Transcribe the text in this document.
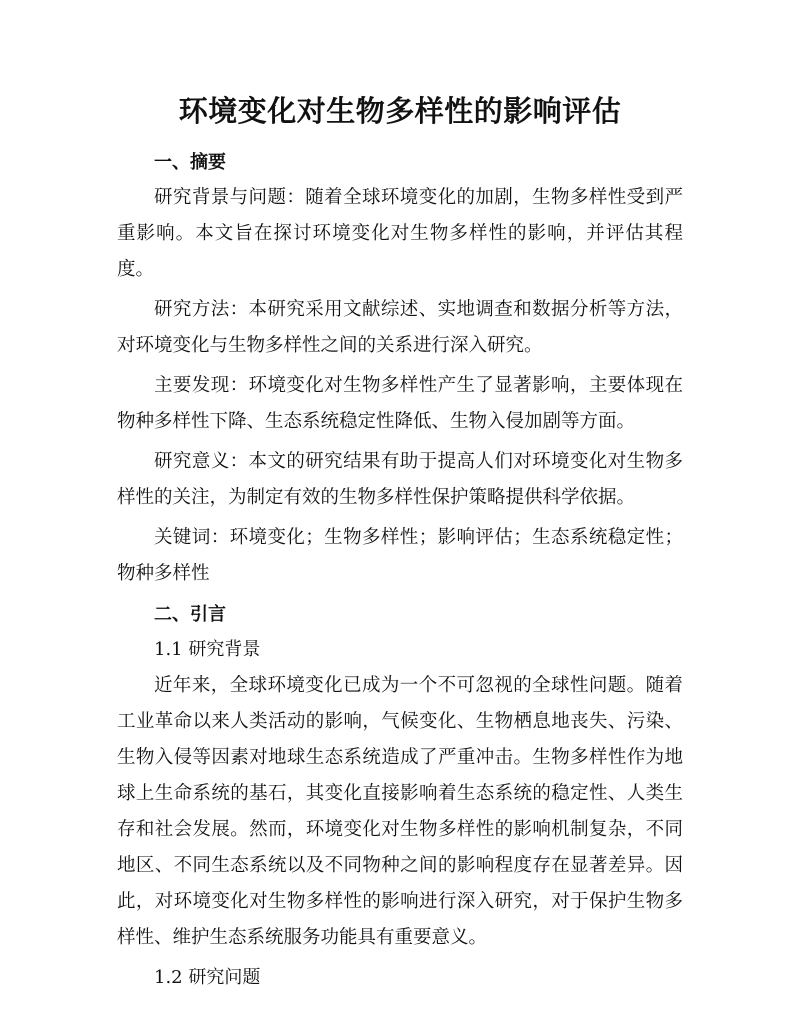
环境变化对生物多样性的影响评估
一、摘要

研究背景与问题：随着全球环境变化的加剧，生物多样性受到严重影响。本文旨在探讨环境变化对生物多样性的影响，并评估其程度。

研究方法：本研究采用文献综述、实地调查和数据分析等方法，对环境变化与生物多样性之间的关系进行深入研究。

主要发现：环境变化对生物多样性产生了显著影响，主要体现在物种多样性下降、生态系统稳定性降低、生物入侵加剧等方面。

研究意义：本文的研究结果有助于提高人们对环境变化对生物多样性的关注，为制定有效的生物多样性保护策略提供科学依据。

关键词：环境变化；生物多样性；影响评估；生态系统稳定性；物种多样性

二、引言
1.1 研究背景

近年来，全球环境变化已成为一个不可忽视的全球性问题。随着工业革命以来人类活动的影响，气候变化、生物栖息地丧失、污染、生物入侵等因素对地球生态系统造成了严重冲击。生物多样性作为地球上生命系统的基石，其变化直接影响着生态系统的稳定性、人类生存和社会发展。然而，环境变化对生物多样性的影响机制复杂，不同地区、不同生态系统以及不同物种之间的影响程度存在显著差异。因此，对环境变化对生物多样性的影响进行深入研究，对于保护生物多样性、维护生态系统服务功能具有重要意义。

1.2 研究问题
